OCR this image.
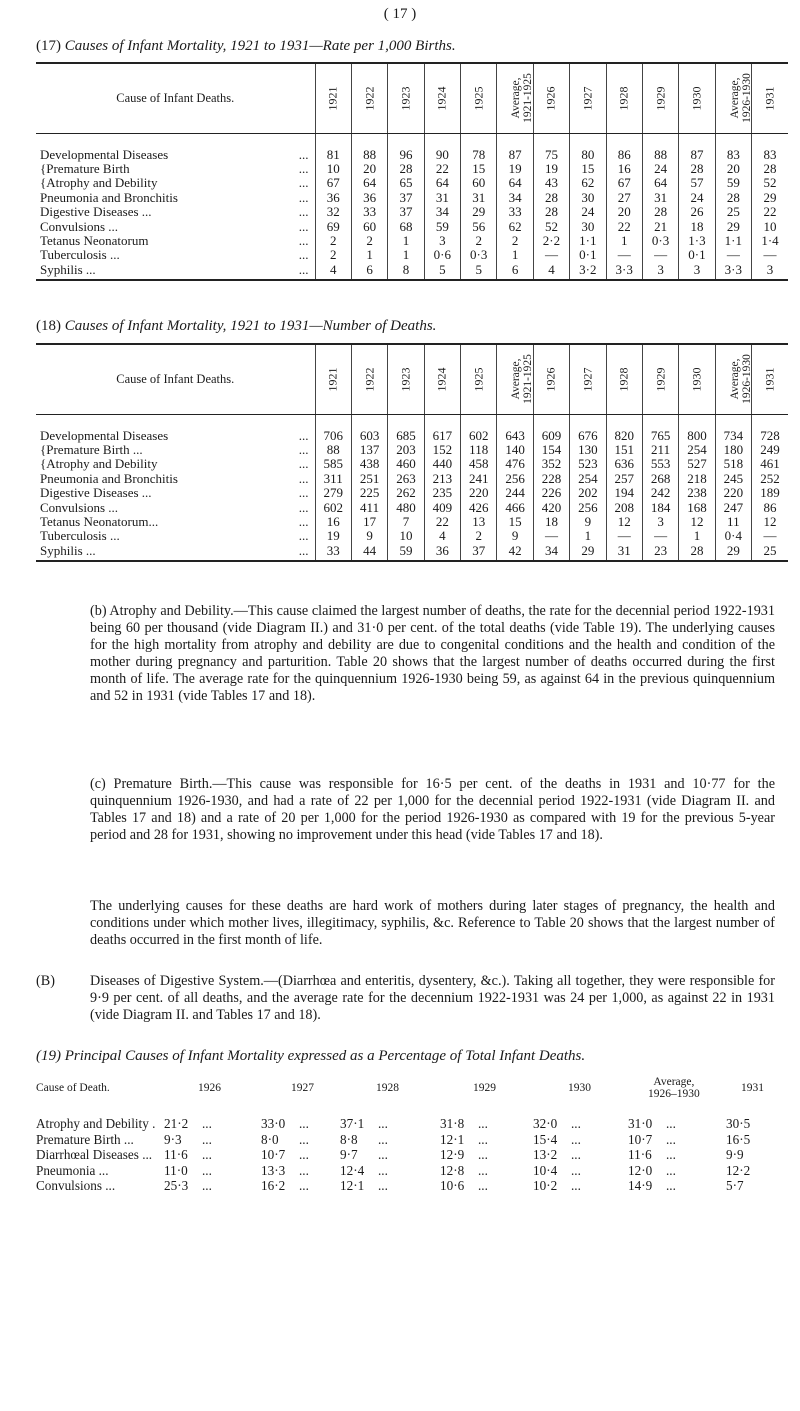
( 17 )
(17) Causes of Infant Mortality, 1921 to 1931—Rate per 1,000 Births.
Cause of Infant Deaths.	1921	1922	1923	1924	1925	Average,
1921-1925	1926	1927	1928	1929	1930	Average,
1926-1930	1931

Developmental Diseases ...	81	88	96	90	78	87	75	80	86	88	87	83	83
{Premature Birth ...	10	20	28	22	15	19	19	15	16	24	28	20	28
{Atrophy and Debility ...	67	64	65	64	60	64	43	62	67	64	57	59	52
Pneumonia and Bronchitis ...	36	36	37	31	31	34	28	30	27	31	24	28	29
Digestive Diseases ... ...	32	33	37	34	29	33	28	24	20	28	26	25	22
Convulsions ... ...	69	60	68	59	56	62	52	30	22	21	18	29	10
Tetanus Neonatorum ...	2	2	1	3	2	2	2·2	1·1	1	0·3	1·3	1·1	1·4
Tuberculosis ... ...	2	1	1	0·6	0·3	1	—	0·1	—	—	0·1	—	—
Syphilis ... ...	4	6	8	5	5	6	4	3·2	3·3	3	3	3·3	3
(18) Causes of Infant Mortality, 1921 to 1931—Number of Deaths.
Cause of Infant Deaths.	1921	1922	1923	1924	1925	Average,
1921-1925	1926	1927	1928	1929	1930	Average,
1926-1930	1931

Developmental Diseases ...	706	603	685	617	602	643	609	676	820	765	800	734	728
{Premature Birth ... ...	88	137	203	152	118	140	154	130	151	211	254	180	249
{Atrophy and Debility ...	585	438	460	440	458	476	352	523	636	553	527	518	461
Pneumonia and Bronchitis ...	311	251	263	213	241	256	228	254	257	268	218	245	252
Digestive Diseases ... ...	279	225	262	235	220	244	226	202	194	242	238	220	189
Convulsions ... ...	602	411	480	409	426	466	420	256	208	184	168	247	86
Tetanus Neonatorum... ...	16	17	7	22	13	15	18	9	12	3	12	11	12
Tuberculosis ... ...	19	9	10	4	2	9	—	1	—	—	1	0·4	—
Syphilis ... ...	33	44	59	36	37	42	34	29	31	23	28	29	25
(b) Atrophy and Debility.—This cause claimed the largest number of deaths, the rate for the decennial period 1922-1931 being 60 per thousand (vide Diagram II.) and 31·0 per cent. of the total deaths (vide Table 19). The underlying causes for the high mortality from atrophy and debility are due to congenital conditions and the health and condition of the mother during pregnancy and parturition. Table 20 shows that the largest number of deaths occurred during the first month of life. The average rate for the quinquennium 1926-1930 being 59, as against 64 in the previous quinquennium and 52 in 1931 (vide Tables 17 and 18).
(c) Premature Birth.—This cause was responsible for 16·5 per cent. of the deaths in 1931 and 10·77 for the quinquennium 1926-1930, and had a rate of 22 per 1,000 for the decennial period 1922-1931 (vide Diagram II. and Tables 17 and 18) and a rate of 20 per 1,000 for the period 1926-1930 as compared with 19 for the previous 5-year period and 28 for 1931, showing no improvement under this head (vide Tables 17 and 18).
The underlying causes for these deaths are hard work of mothers during later stages of pregnancy, the health and conditions under which mother lives, illegitimacy, syphilis, &c. Reference to Table 20 shows that the largest number of deaths occurred in the first month of life.
(B) Diseases of Digestive System.—(Diarrhœa and enteritis, dysentery, &c.). Taking all together, they were responsible for 9·9 per cent. of all deaths, and the average rate for the decennium 1922-1931 was 24 per 1,000, as against 22 in 1931 (vide Diagram II. and Tables 17 and 18).
(19) Principal Causes of Infant Mortality expressed as a Percentage of Total Infant Deaths.
Cause of Death.	1926	1927	1928	1929	1930	Average,
1926–1930	1931
Atrophy and Debility . 21·2 ...	33·0 ... 37·1 ...	31·8 ...	32·0 ...	31·0 ...	30·5
Premature Birth ... 9·3 ...	8·0 ... 8·8 ...	12·1 ...	15·4 ...	10·7 ...	16·5
Diarrhœal Diseases ... 11·6 ...	10·7 ... 9·7 ...	12·9 ...	13·2 ...	11·6 ...	9·9
Pneumonia ...	11·0 ...	13·3 ... 12·4 ...	12·8 ...	10·4 ...	12·0 ...	12·2
Convulsions ...	25·3 ...	16·2 ... 12·1 ...	10·6 ...	10·2 ...	14·9 ...	5·7
